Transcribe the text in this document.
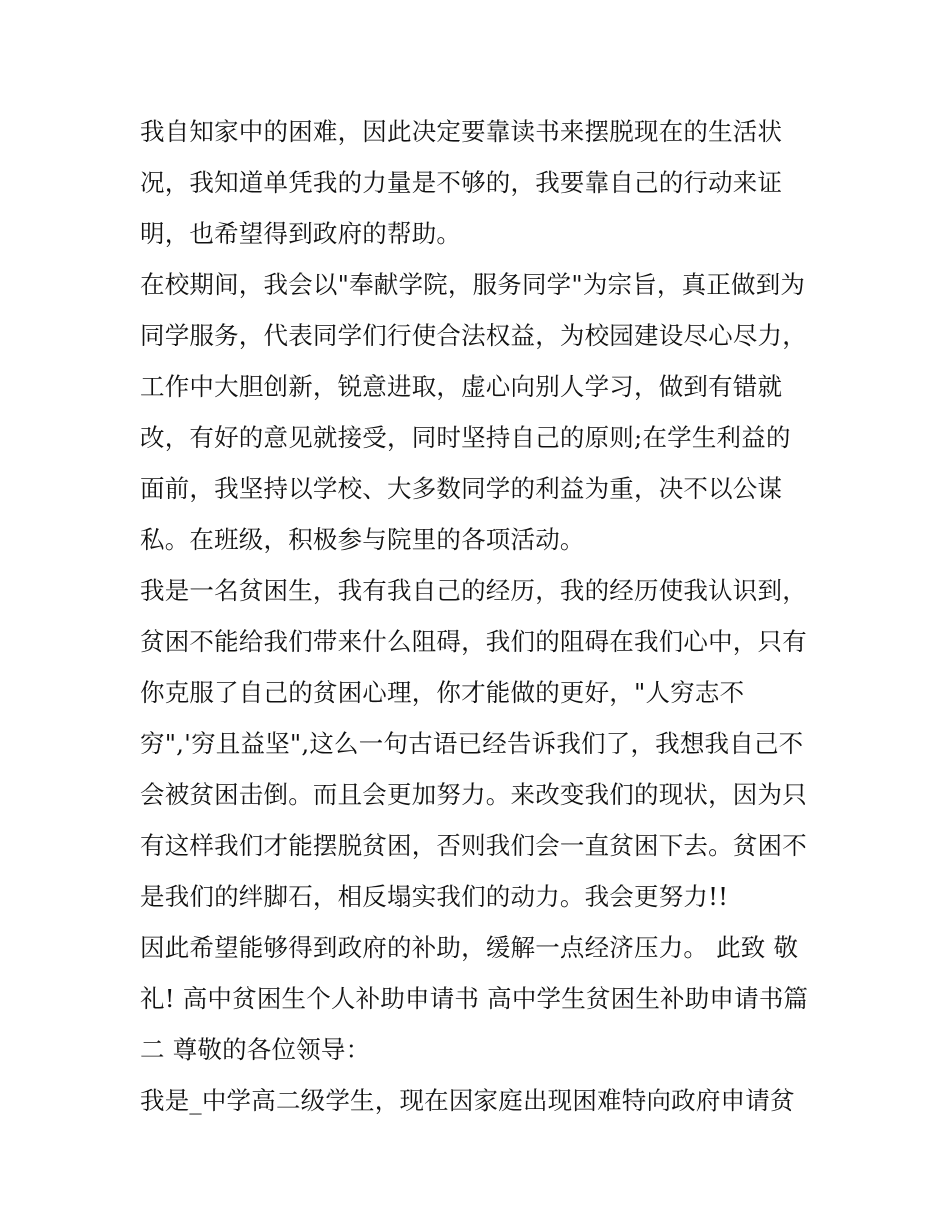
我自知家中的困难，因此决定要靠读书来摆脱现在的生活状
况，我知道单凭我的力量是不够的，我要靠自己的行动来证
明，也希望得到政府的帮助。
在校期间，我会以"奉献学院，服务同学"为宗旨，真正做到为
同学服务，代表同学们行使合法权益，为校园建设尽心尽力，
工作中大胆创新，锐意进取，虚心向别人学习，做到有错就
改，有好的意见就接受，同时坚持自己的原则;在学生利益的
面前，我坚持以学校、大多数同学的利益为重，决不以公谋
私。在班级，积极参与院里的各项活动。
我是一名贫困生，我有我自己的经历，我的经历使我认识到，
贫困不能给我们带来什么阻碍，我们的阻碍在我们心中，只有
你克服了自己的贫困心理，你才能做的更好，"人穷志不
穷",'穷且益坚",这么一句古语已经告诉我们了，我想我自己不
会被贫困击倒。而且会更加努力。来改变我们的现状，因为只
有这样我们才能摆脱贫困，否则我们会一直贫困下去。贫困不
是我们的绊脚石，相反塌实我们的动力。我会更努力!!
因此希望能够得到政府的补助，缓解一点经济压力。 此致 敬
礼! 高中贫困生个人补助申请书 高中学生贫困生补助申请书篇
二 尊敬的各位领导：
我是_中学高二级学生，现在因家庭出现困难特向政府申请贫
